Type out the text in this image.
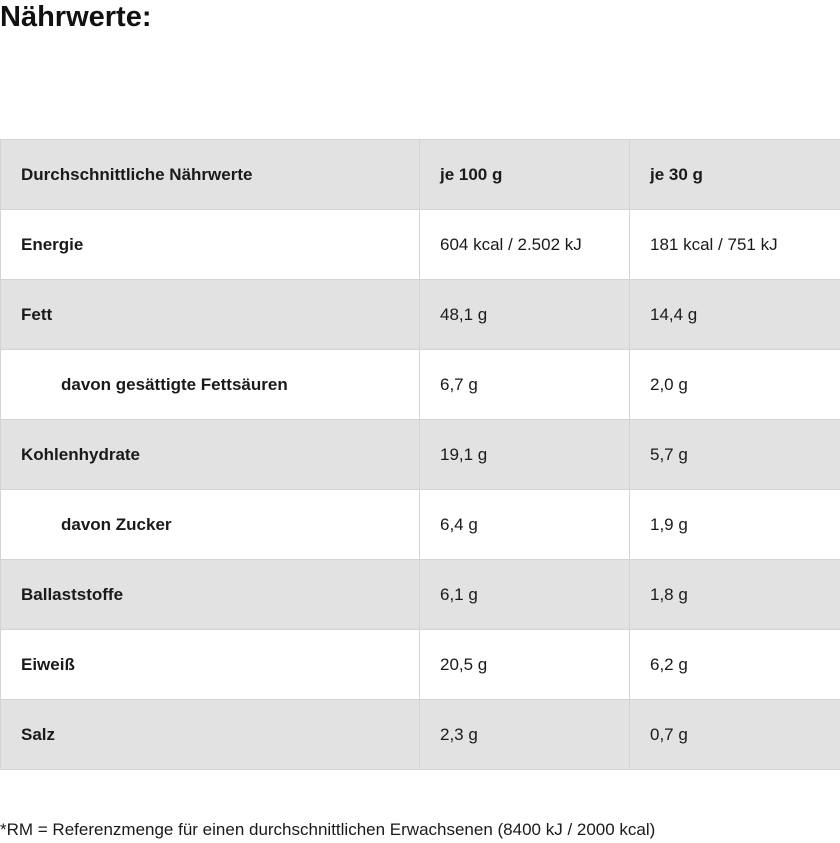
Nährwerte:
Durchschnittliche Nährwerte	je 100 g	je 30 g
Energie	604 kcal / 2.502 kJ	181 kcal / 751 kJ
Fett	48,1 g	14,4 g
davon gesättigte Fettsäuren	6,7 g	2,0 g
Kohlenhydrate	19,1 g	5,7 g
davon Zucker	6,4 g	1,9 g
Ballaststoffe	6,1 g	1,8 g
Eiweiß	20,5 g	6,2 g
Salz	2,3 g	0,7 g

*RM = Referenzmenge für einen durchschnittlichen Erwachsenen (8400 kJ / 2000 kcal)
